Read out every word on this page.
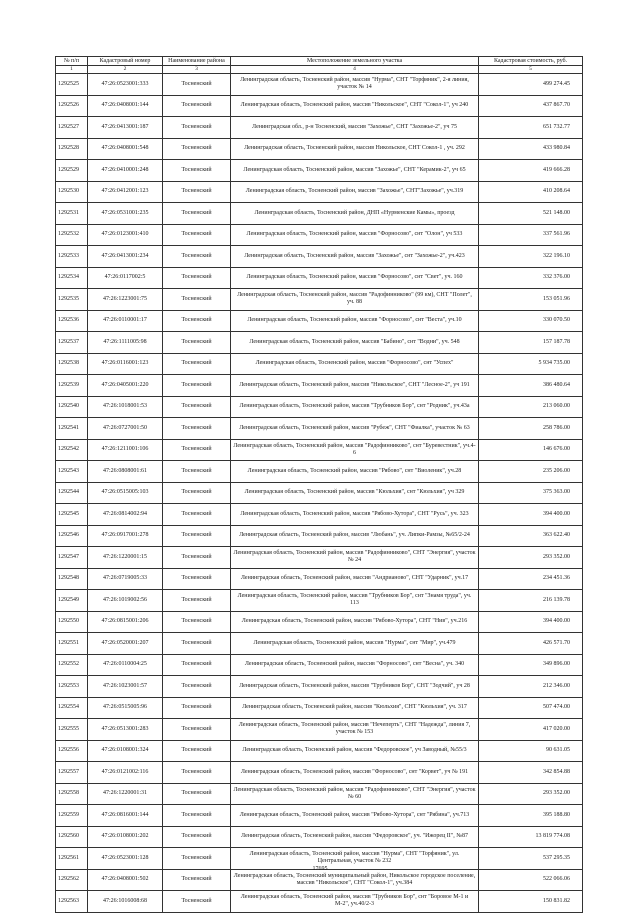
№ п/п	Кадастровый номер	Наименование района	Местоположение земельного участка	Кадастровая стоимость, руб.
1	2	3	4	5
1292525	47:26:0523001:333	Тосненский	Ленинградская область, Тосненский район, массив "Нурма", СНТ "Торфяник", 2-я линия, участок № 14	499 274.45
1292526	47:26:0408001:144	Тосненский	Ленинградская область, Тосненский район, массив "Никольское", СНТ "Сокол-1", уч 240	437 867.70
1292527	47:26:0413001:187	Тосненский	Ленинградская обл., р-н Тосненский, массив "Захожье", СНТ "Захожье-2", уч 75	651 732.77
1292528	47:26:0408001:548	Тосненский	Ленинградская область, Тосненский район, массив Никольское, СНТ Сокол-1 , уч. 292	433 980.84
1292529	47:26:0410001:248	Тосненский	Ленинградская область, Тосненский район, массив "Захожье", СНТ "Керамик-2", уч 65	419 666.28
1292530	47:26:0412001:123	Тосненский	Ленинградская область, Тосненский район, массив "Захожье", СНТ"Захожье", уч.319	410 208.64
1292531	47:26:0531001:235	Тосненский	Ленинградская область, Тосненский район, ДНП «Нурменские Камы», проезд	521 148.00
1292532	47:26:0123001:410	Тосненский	Ленинградская область, Тосненский район, массив "Форносово", снт "Олон", уч 533	337 561.96
1292533	47:26:0413001:234	Тосненский	Ленинградская область, Тосненский район, массив "Захожье", снт "Захожье-2", уч.423	322 196.10
1292534	47:26:0117002:5	Тосненский	Ленинградская область, Тосненский район, массив "Форносово", снт "Свет", уч. 160	332 376.00
1292535	47:26:1223001:75	Тосненский	Ленинградская область, Тосненский район, массив "Радофинниково" (99 км), СНТ "Полет", уч. 88	153 051.96
1292536	47:26:0110001:17	Тосненский	Ленинградская область, Тосненский район, массив "Форносово", снт "Веста", уч.10	330 070.50
1292537	47:26:1111005:98	Тосненский	Ленинградская область, Тосненский район, массив "Бабино", снт "Водни", уч. 548	157 187.78
1292538	47:26:0116001:123	Тосненский	Ленинградская область, Тосненский район, массив "Форносово", снт "Успех"	5 934 735.00
1292539	47:26:0405001:220	Тосненский	Ленинградская область, Тосненский район, массив "Никольское", СНТ "Лесное-2", уч 191	386 480.64
1292540	47:26:1018001:53	Тосненский	Ленинградская область, Тосненский район, массив "Трубников Бор", снт "Родник", уч.43а	213 060.00
1292541	47:26:0727001:50	Тосненский	Ленинградская область, Тосненский район, массив "Рубеж", СНТ "Фиалка", участок № 63	258 786.00
1292542	47:26:1211001:106	Тосненский	Ленинградская область, Тосненский район, массив "Радофинниково", снт "Буревестник", уч.4-6	146 676.00
1292543	47:26:0808001:61	Тосненский	Ленинградская область, Тосненский район, массив "Рябово", снт "Виоленик", уч.28	235 206.00
1292544	47:26:0515005:103	Тосненский	Ленинградская область, Тосненский район, массив "Кюльхия", снт "Кюльхия", уч 329	375 363.00
1292545	47:26:0814002:94	Тосненский	Ленинградская область, Тосненский район, массив "Рябово-Хутора", СНТ "Русь", уч. 323	394 400.00
1292546	47:26:0917001:278	Тосненский	Ленинградская область, Тосненский район, массив "Любань", уч. Липки-Рамзы, №65/2-24	363 622.40
1292547	47:26:1220001:15	Тосненский	Ленинградская область, Тосненский район, массив "Радофинниково", СНТ "Энергия", участок № 24	293 352.00
1292548	47:26:0719005:33	Тосненский	Ленинградская область, Тосненский район, массив "Андрианово", СНТ "Ударник", уч.17	234 451.36
1292549	47:26:1019002:56	Тосненский	Ленинградская область, Тосненский район, массив "Трубников Бор", снт "Знамя труда", уч. 113	216 139.78
1292550	47:26:0815001:206	Тосненский	Ленинградская область, Тосненский район, массив "Рябово-Хутора", СНТ "Нив", уч.216	394 400.00
1292551	47:26:0520001:207	Тосненский	Ленинградская область, Тосненский район, массив "Нурма", снт "Мир", уч.479	426 571.70
1292552	47:26:0110004:25	Тосненский	Ленинградская область, Тосненский район, массив "Форносово", снт "Весна", уч. 340	349 896.00
1292553	47:26:1023001:57	Тосненский	Ленинградская область, Тосненский район, массив "Трубников Бор", СНТ "Зодчий", уч 28	212 346.00
1292554	47:26:0515005:96	Тосненский	Ленинградская область, Тосненский район, массив "Кюльхия", СНТ "Кюльхия", уч. 317	507 474.00
1292555	47:26:0513001:283	Тосненский	Ленинградская область, Тосненский район, массив "Нечеперть", СНТ "Надежда", линия 7, участок № 153	417 020.00
1292556	47:26:0108001:324	Тосненский	Ленинградская область, Тосненский район, массив "Федоровское", уч Заводный, №55/3	90 631.05
1292557	47:26:0121002:116	Тосненский	Ленинградская область, Тосненский район, массив "Форносово", снт "Корвет", уч № 191	342 854.88
1292558	47:26:1220001:31	Тосненский	Ленинградская область, Тосненский район, массив "Радофинниково", СНТ "Энергия", участок № 60	293 352.00
1292559	47:26:0816001:144	Тосненский	Ленинградская область, Тосненский район, массив "Рябово-Хутора", снт "Рябина", уч.713	395 188.80
1292560	47:26:0108001:202	Тосненский	Ленинградская область, Тосненский район, массив "Федоровское", уч. "Ижорец II", №87	13 819 774.08
1292561	47:26:0523001:128	Тосненский	Ленинградская область, Тосненский район, массив "Нурма", СНТ "Торфяник", ул. Центральная, участок № 232	537 295.35
1292562	47:26:0408001:502	Тосненский	Ленинградская область, Тосненский муниципальный район, Никольское городское поселение, массив "Никольское", СНТ "Сокол-1", уч.384	522 066.06
1292563	47:26:1016008:68	Тосненский	Ленинградская область, Тосненский район, массив "Трубников Бор", снт "Боровое М-1 и М-2", уч.40/2-3	150 831.82
17695
